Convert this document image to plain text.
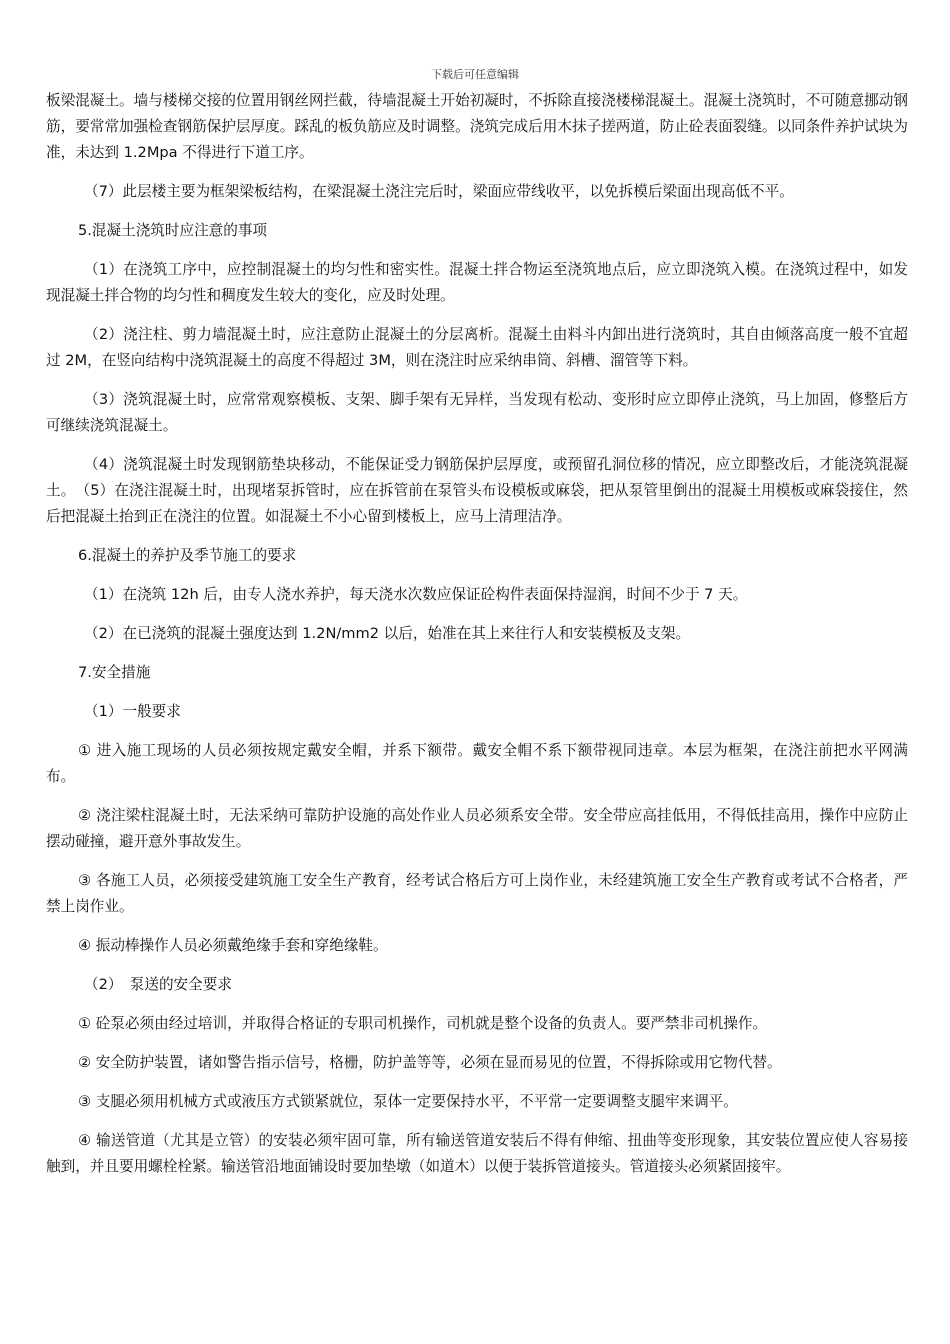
下载后可任意编辑

板梁混凝土。墙与楼梯交接的位置用钢丝网拦截，待墙混凝土开始初凝时，不拆除直接浇楼梯混凝土。混凝土浇筑时，不可随意挪动钢筋，要常常加强检查钢筋保护层厚度。踩乱的板负筋应及时调整。浇筑完成后用木抹子搓两道，防止砼表面裂缝。以同条件养护试块为准，未达到 1.2Mpa 不得进行下道工序。

（7）此层楼主要为框架梁板结构，在梁混凝土浇注完后时，梁面应带线收平，以免拆模后梁面出现高低不平。

5.混凝土浇筑时应注意的事项

（1）在浇筑工序中，应控制混凝土的均匀性和密实性。混凝土拌合物运至浇筑地点后，应立即浇筑入模。在浇筑过程中，如发现混凝土拌合物的均匀性和稠度发生较大的变化，应及时处理。

（2）浇注柱、剪力墙混凝土时，应注意防止混凝土的分层离析。混凝土由料斗内卸出进行浇筑时，其自由倾落高度一般不宜超过 2M，在竖向结构中浇筑混凝土的高度不得超过 3M，则在浇注时应采纳串筒、斜槽、溜管等下料。

（3）浇筑混凝土时，应常常观察模板、支架、脚手架有无异样，当发现有松动、变形时应立即停止浇筑，马上加固，修整后方可继续浇筑混凝土。

（4）浇筑混凝土时发现钢筋垫块移动，不能保证受力钢筋保护层厚度，或预留孔洞位移的情况，应立即整改后，才能浇筑混凝土。　（5）在浇注混凝土时，出现堵泵拆管时，应在拆管前在泵管头布设模板或麻袋，把从泵管里倒出的混凝土用模板或麻袋接住，然后把混凝土抬到正在浇注的位置。如混凝土不小心留到楼板上，应马上清理洁净。

6.混凝土的养护及季节施工的要求

（1）在浇筑 12h 后，由专人浇水养护，每天浇水次数应保证砼构件表面保持湿润，时间不少于 7 天。

（2）在已浇筑的混凝土强度达到 1.2N/mm2 以后，始准在其上来往行人和安装模板及支架。

7.安全措施

（1）一般要求

① 进入施工现场的人员必须按规定戴安全帽，并系下额带。戴安全帽不系下额带视同违章。本层为框架，在浇注前把水平网满布。

② 浇注梁柱混凝土时，无法采纳可靠防护设施的高处作业人员必须系安全带。安全带应高挂低用，不得低挂高用，操作中应防止摆动碰撞，避开意外事故发生。

③ 各施工人员，必须接受建筑施工安全生产教育，经考试合格后方可上岗作业，未经建筑施工安全生产教育或考试不合格者，严禁上岗作业。

④ 振动棒操作人员必须戴绝缘手套和穿绝缘鞋。

（2）　泵送的安全要求

① 砼泵必须由经过培训，并取得合格证的专职司机操作，司机就是整个设备的负责人。要严禁非司机操作。

② 安全防护装置，诸如警告指示信号，格栅，防护盖等等，必须在显而易见的位置，不得拆除或用它物代替。

③ 支腿必须用机械方式或液压方式锁紧就位，泵体一定要保持水平，不平常一定要调整支腿牢来调平。

④ 输送管道（尤其是立管）的安装必须牢固可靠，所有输送管道安装后不得有伸缩、扭曲等变形现象，其安装位置应使人容易接触到，并且要用螺栓栓紧。输送管沿地面铺设时要加垫墩（如道木）以便于装拆管道接头。管道接头必须紧固接牢。
